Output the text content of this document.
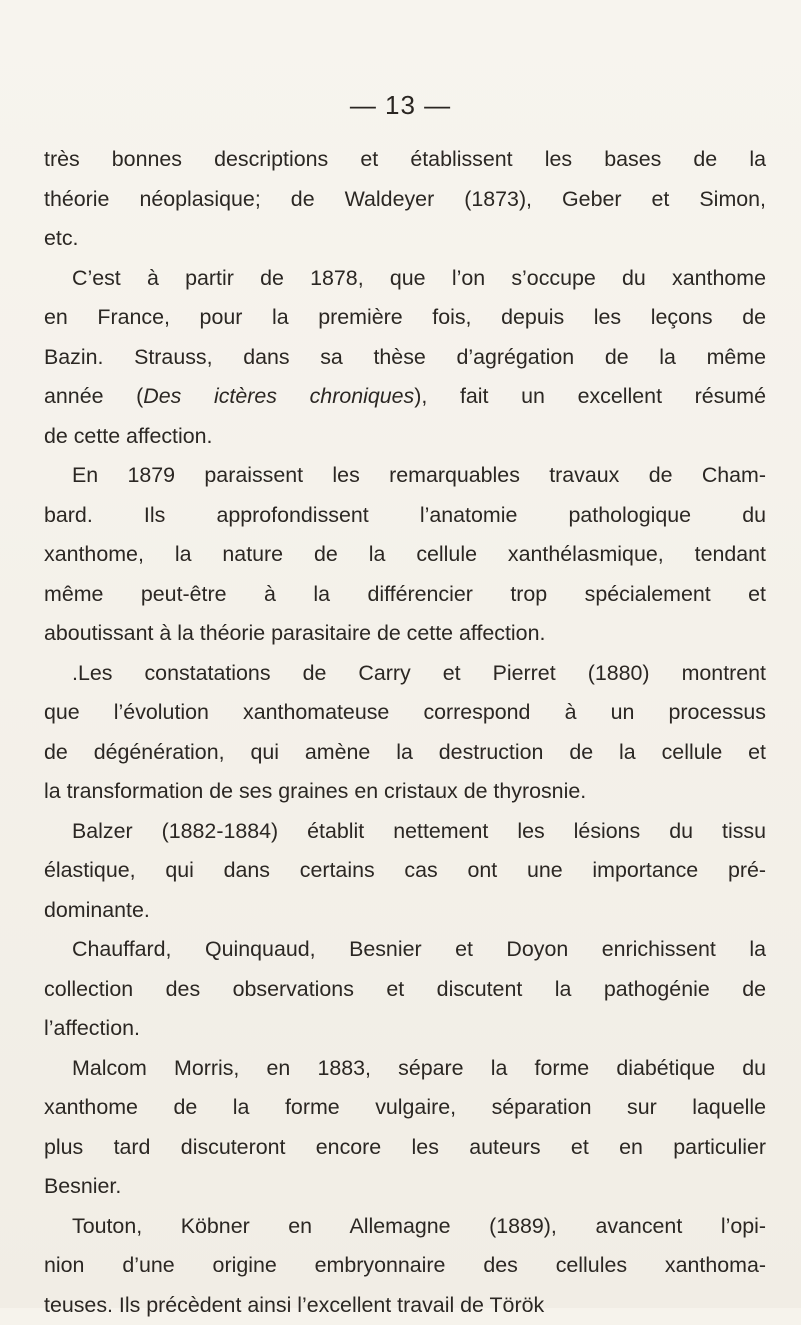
— 13 —

très bonnes descriptions et établissent les bases de la
théorie néoplasique; de Waldeyer (1873), Geber et Simon,
etc.

C’est à partir de 1878, que l’on s’occupe du xanthome
en France, pour la première fois, depuis les leçons de
Bazin. Strauss, dans sa thèse d’agrégation de la même
année (Des ictères chroniques), fait un excellent résumé
de cette affection.

En 1879 paraissent les remarquables travaux de Cham-
bard. Ils approfondissent l’anatomie pathologique du
xanthome, la nature de la cellule xanthélasmique, tendant
même peut-être à la différencier trop spécialement et
aboutissant à la théorie parasitaire de cette affection.

.Les constatations de Carry et Pierret (1880) montrent
que l’évolution xanthomateuse correspond à un processus
de dégénération, qui amène la destruction de la cellule et
la transformation de ses graines en cristaux de thyrosnie.

Balzer (1882-1884) établit nettement les lésions du tissu
élastique, qui dans certains cas ont une importance pré-
dominante.

Chauffard, Quinquaud, Besnier et Doyon enrichissent la
collection des observations et discutent la pathogénie de
l’affection.

Malcom Morris, en 1883, sépare la forme diabétique du
xanthome de la forme vulgaire, séparation sur laquelle
plus tard discuteront encore les auteurs et en particulier
Besnier.

Touton, Köbner en Allemagne (1889), avancent l’opi-
nion d’une origine embryonnaire des cellules xanthoma-
teuses. Ils précèdent ainsi l’excellent travail de Török
